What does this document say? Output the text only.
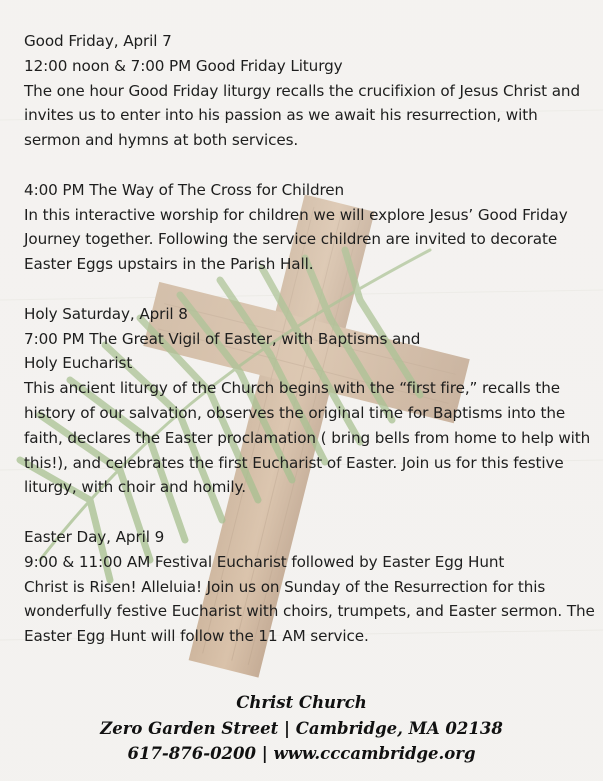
Good Friday, April 7

12:00 noon & 7:00 PM Good Friday Liturgy

The one hour Good Friday liturgy recalls the crucifixion of Jesus Christ and invites us to enter into his passion as we await his resurrection, with sermon and hymns at both services.

4:00 PM The Way of The Cross for Children

In this interactive worship for children we will explore Jesus’ Good Friday Journey together. Following the service children are invited to decorate Easter Eggs upstairs in the Parish Hall.

Holy Saturday, April 8

7:00 PM The Great Vigil of Easter, with Baptisms and

Holy Eucharist

This ancient liturgy of the Church begins with the “first fire,” recalls the history of our salvation, observes the original time for Baptisms into the faith, declares the Easter proclamation ( bring bells from home to help with this!), and celebrates the first Eucharist of Easter. Join us for this festive liturgy, with choir and homily.

Easter Day, April 9

9:00 & 11:00 AM Festival Eucharist followed by Easter Egg Hunt

Christ is Risen! Alleluia! Join us on Sunday of the Resurrection for this wonderfully festive Eucharist with choirs, trumpets, and Easter sermon. The Easter Egg Hunt will follow the 11 AM service.

Christ Church
Zero Garden Street | Cambridge, MA 02138
617-876-0200 | www.cccambridge.org
